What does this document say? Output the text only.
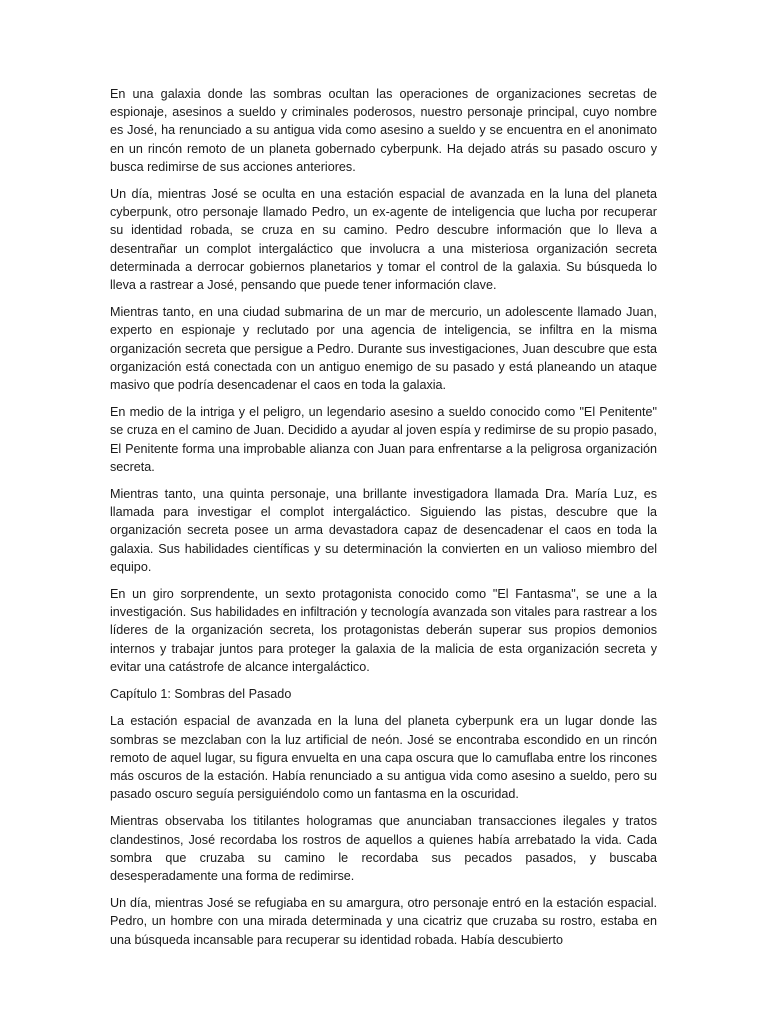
En una galaxia donde las sombras ocultan las operaciones de organizaciones secretas de espionaje, asesinos a sueldo y criminales poderosos, nuestro personaje principal, cuyo nombre es José, ha renunciado a su antigua vida como asesino a sueldo y se encuentra en el anonimato en un rincón remoto de un planeta gobernado cyberpunk. Ha dejado atrás su pasado oscuro y busca redimirse de sus acciones anteriores.

Un día, mientras José se oculta en una estación espacial de avanzada en la luna del planeta cyberpunk, otro personaje llamado Pedro, un ex-agente de inteligencia que lucha por recuperar su identidad robada, se cruza en su camino. Pedro descubre información que lo lleva a desentrañar un complot intergaláctico que involucra a una misteriosa organización secreta determinada a derrocar gobiernos planetarios y tomar el control de la galaxia. Su búsqueda lo lleva a rastrear a José, pensando que puede tener información clave.

Mientras tanto, en una ciudad submarina de un mar de mercurio, un adolescente llamado Juan, experto en espionaje y reclutado por una agencia de inteligencia, se infiltra en la misma organización secreta que persigue a Pedro. Durante sus investigaciones, Juan descubre que esta organización está conectada con un antiguo enemigo de su pasado y está planeando un ataque masivo que podría desencadenar el caos en toda la galaxia.

En medio de la intriga y el peligro, un legendario asesino a sueldo conocido como "El Penitente" se cruza en el camino de Juan. Decidido a ayudar al joven espía y redimirse de su propio pasado, El Penitente forma una improbable alianza con Juan para enfrentarse a la peligrosa organización secreta.

Mientras tanto, una quinta personaje, una brillante investigadora llamada Dra. María Luz, es llamada para investigar el complot intergaláctico. Siguiendo las pistas, descubre que la organización secreta posee un arma devastadora capaz de desencadenar el caos en toda la galaxia. Sus habilidades científicas y su determinación la convierten en un valioso miembro del equipo.

En un giro sorprendente, un sexto protagonista conocido como "El Fantasma", se une a la investigación. Sus habilidades en infiltración y tecnología avanzada son vitales para rastrear a los líderes de la organización secreta, los protagonistas deberán superar sus propios demonios internos y trabajar juntos para proteger la galaxia de la malicia de esta organización secreta y evitar una catástrofe de alcance intergaláctico.

Capítulo 1: Sombras del Pasado

La estación espacial de avanzada en la luna del planeta cyberpunk era un lugar donde las sombras se mezclaban con la luz artificial de neón. José se encontraba escondido en un rincón remoto de aquel lugar, su figura envuelta en una capa oscura que lo camuflaba entre los rincones más oscuros de la estación. Había renunciado a su antigua vida como asesino a sueldo, pero su pasado oscuro seguía persiguiéndolo como un fantasma en la oscuridad.

Mientras observaba los titilantes hologramas que anunciaban transacciones ilegales y tratos clandestinos, José recordaba los rostros de aquellos a quienes había arrebatado la vida. Cada sombra que cruzaba su camino le recordaba sus pecados pasados, y buscaba desesperadamente una forma de redimirse.

Un día, mientras José se refugiaba en su amargura, otro personaje entró en la estación espacial. Pedro, un hombre con una mirada determinada y una cicatriz que cruzaba su rostro, estaba en una búsqueda incansable para recuperar su identidad robada. Había descubierto
